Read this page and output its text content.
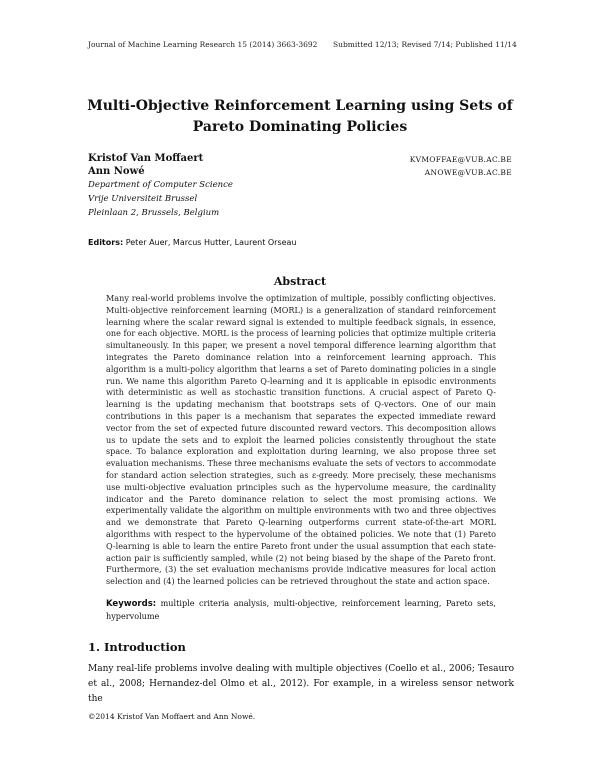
Journal of Machine Learning Research 15 (2014) 3663-3692 Submitted 12/13; Revised 7/14; Published 11/14
Multi-Objective Reinforcement Learning using Sets of
Pareto Dominating Policies
Kristof Van Moffaert	KVMOFFAE@VUB.AC.BE
Ann Nowé	ANOWE@VUB.AC.BE
Department of Computer Science
Vrije Universiteit Brussel
Pleinlaan 2, Brussels, Belgium
Editors: Peter Auer, Marcus Hutter, Laurent Orseau
Abstract
Many real-world problems involve the optimization of multiple, possibly conflicting objectives. Multi-objective reinforcement learning (MORL) is a generalization of standard reinforcement learning where the scalar reward signal is extended to multiple feedback signals, in essence, one for each objective. MORL is the process of learning policies that optimize multiple criteria simultaneously. In this paper, we present a novel temporal difference learning algorithm that integrates the Pareto dominance relation into a reinforcement learning approach. This algorithm is a multi-policy algorithm that learns a set of Pareto dominating policies in a single run. We name this algorithm Pareto Q-learning and it is applicable in episodic environments with deterministic as well as stochastic transition functions. A crucial aspect of Pareto Q-learning is the updating mechanism that bootstraps sets of Q-vectors. One of our main contributions in this paper is a mechanism that separates the expected immediate reward vector from the set of expected future discounted reward vectors. This decomposition allows us to update the sets and to exploit the learned policies consistently throughout the state space. To balance exploration and exploitation during learning, we also propose three set evaluation mechanisms. These three mechanisms evaluate the sets of vectors to accommodate for standard action selection strategies, such as ε-greedy. More precisely, these mechanisms use multi-objective evaluation principles such as the hypervolume measure, the cardinality indicator and the Pareto dominance relation to select the most promising actions. We experimentally validate the algorithm on multiple environments with two and three objectives and we demonstrate that Pareto Q-learning outperforms current state-of-the-art MORL algorithms with respect to the hypervolume of the obtained policies. We note that (1) Pareto Q-learning is able to learn the entire Pareto front under the usual assumption that each state-action pair is sufficiently sampled, while (2) not being biased by the shape of the Pareto front. Furthermore, (3) the set evaluation mechanisms provide indicative measures for local action selection and (4) the learned policies can be retrieved throughout the state and action space.
Keywords: multiple criteria analysis, multi-objective, reinforcement learning, Pareto sets, hypervolume
1. Introduction
Many real-life problems involve dealing with multiple objectives (Coello et al., 2006; Tesauro et al., 2008; Hernandez-del Olmo et al., 2012). For example, in a wireless sensor network the
©2014 Kristof Van Moffaert and Ann Nowé.
